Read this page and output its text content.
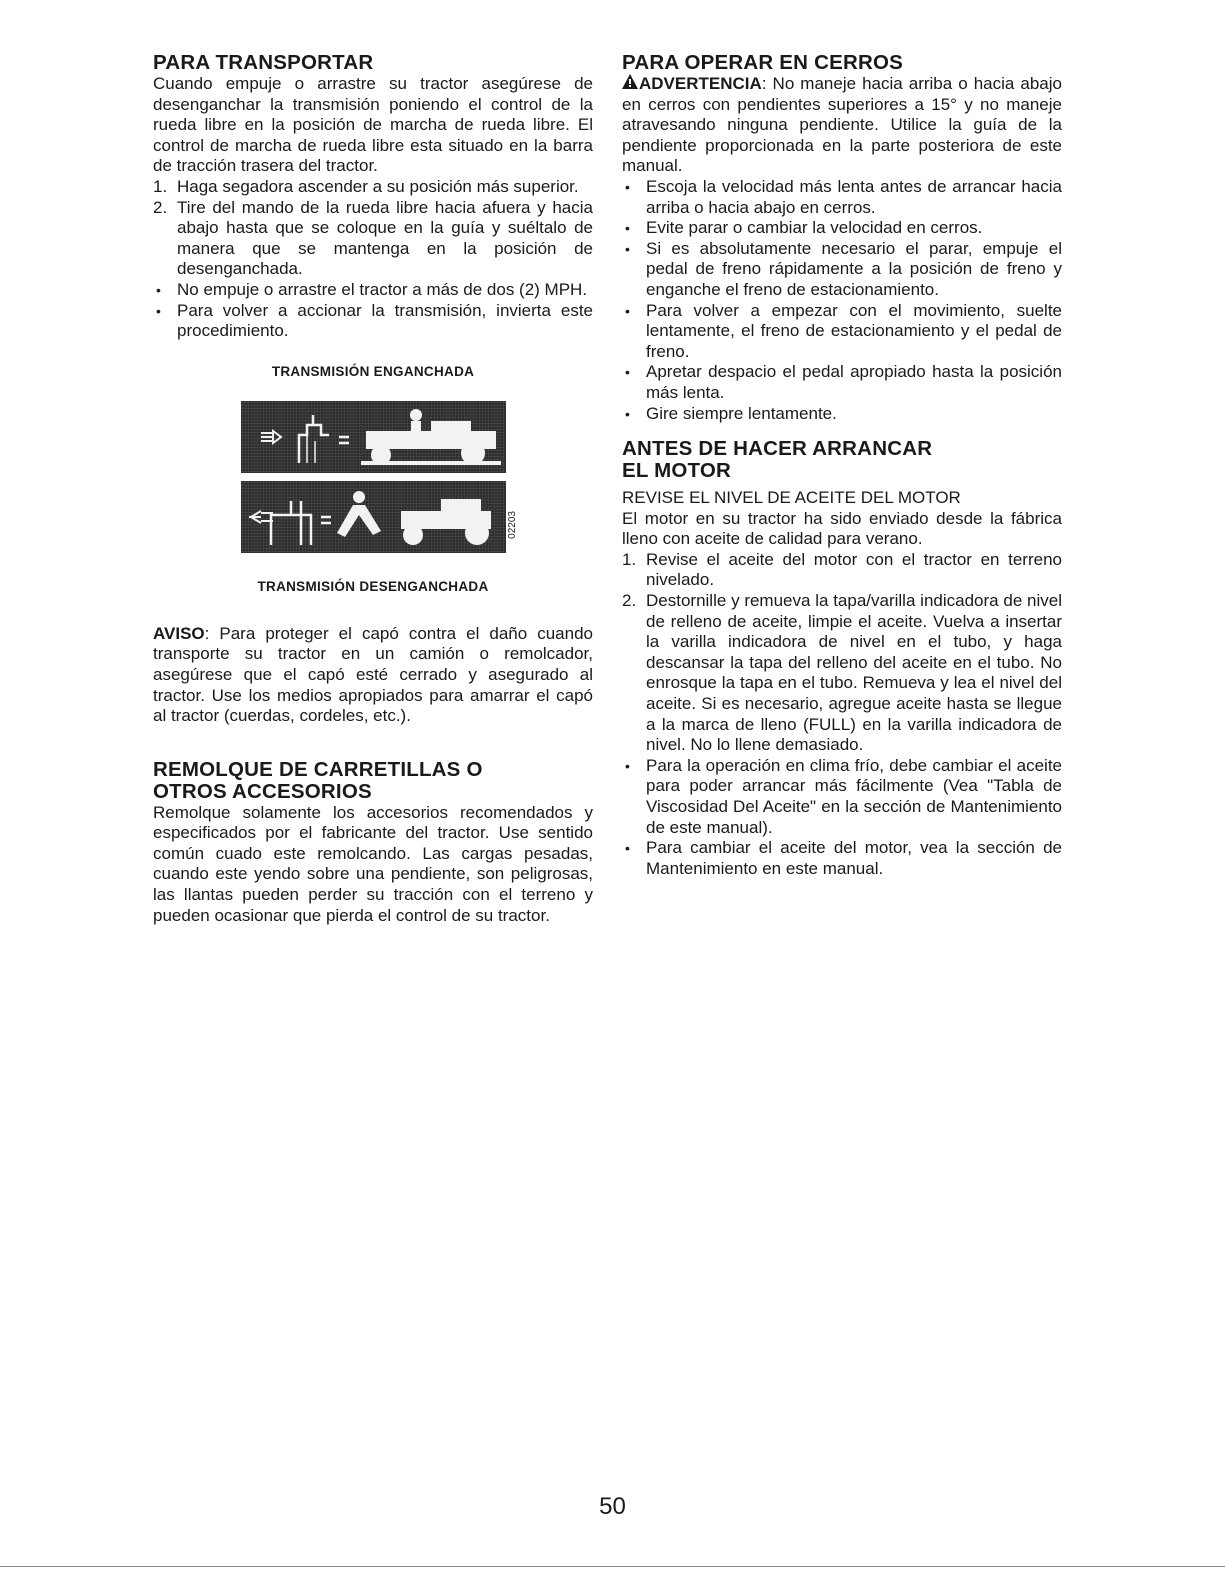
PARA TRANSPORTAR

Cuando empuje o arrastre su tractor asegúrese de desenganchar la transmisión poniendo el control de la rueda libre en la posición de marcha de rueda libre. El control de marcha de rueda libre esta situado en la barra de tracción trasera del tractor.

1. Haga segadora ascender a su posición más superior.
2. Tire del mando de la rueda libre hacia afuera y hacia abajo hasta que se coloque en la guía y suéltalo de manera que se mantenga en la posición de desenganchada.
• No empuje o arrastre el tractor a más de dos (2) MPH.
• Para volver a accionar la transmisión, invierta este procedimiento.
TRANSMISIÓN ENGANCHADA
02203
TRANSMISIÓN DESENGANCHADA

AVISO: Para proteger el capó contra el daño cuando transporte su tractor en un camión o remolcador, asegúrese que el capó esté cerrado y asegurado al tractor. Use los medios apropiados para amarrar el capó al tractor (cuerdas, cordeles, etc.).

REMOLQUE DE CARRETILLAS O
OTROS ACCESORIOS

Remolque solamente los accesorios recomendados y especificados por el fabricante del tractor. Use sentido común cuado este remolcando. Las cargas pesadas, cuando este yendo sobre una pendiente, son peligrosas, las llantas pueden perder su tracción con el terreno y pueden ocasionar que pierda el control de su tractor.

PARA OPERAR EN CERROS

ADVERTENCIA: No maneje hacia arriba o hacia abajo en cerros con pendientes superiores a 15° y no maneje atravesando ninguna pendiente. Utilice la guía de la pendiente proporcionada en la parte posteriora de este manual.

• Escoja la velocidad más lenta antes de arrancar hacia arriba o hacia abajo en cerros.
• Evite parar o cambiar la velocidad en cerros.
• Si es absolutamente necesario el parar, empuje el pedal de freno rápidamente a la posición de freno y enganche el freno de estacionamiento.
• Para volver a empezar con el movimiento, suelte lentamente, el freno de estacionamiento y el pedal de freno.
• Apretar despacio el pedal apropiado hasta la posición más lenta.
• Gire siempre lentamente.
ANTES DE HACER ARRANCAR
EL MOTOR

REVISE EL NIVEL DE ACEITE DEL MOTOR

El motor en su tractor ha sido enviado desde la fábrica lleno con aceite de calidad para verano.

1. Revise el aceite del motor con el tractor en terreno nivelado.
2. Destornille y remueva la tapa/varilla indicadora de nivel de relleno de aceite, limpie el aceite. Vuelva a insertar la varilla indicadora de nivel en el tubo, y haga descansar la tapa del relleno del aceite en el tubo. No enrosque la tapa en el tubo. Remueva y lea el nivel del aceite. Si es necesario, agregue aceite hasta se llegue a la marca de lleno (FULL) en la varilla indicadora de nivel. No lo llene demasiado.
• Para la operación en clima frío, debe cambiar el aceite para poder arrancar más fácilmente (Vea "Tabla de Viscosidad Del Aceite" en la sección de Mantenimiento de este manual).
• Para cambiar el aceite del motor, vea la sección de Mantenimiento en este manual.
50
